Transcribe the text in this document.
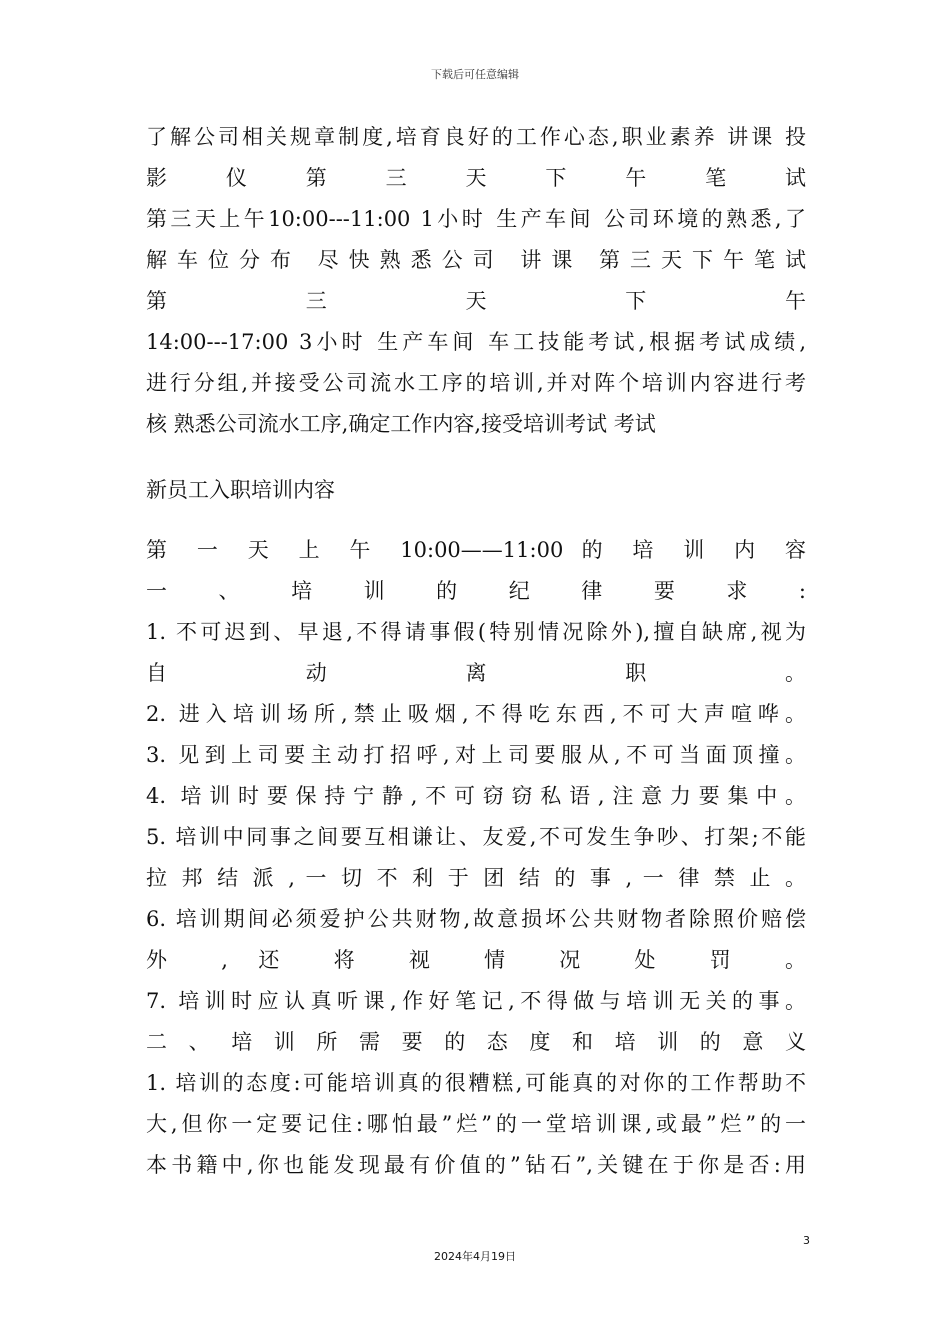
下载后可任意编辑
了解公司相关规章制度,培育良好的工作心态,职业素养 讲课 投
影 仪 第 三 天 下 午 笔 试
第三天上午10:00---11:00 1小时 生产车间 公司环境的熟悉,了
解车位分布 尽快熟悉公司 讲课 第三天下午笔试
第 三 天 下 午
14:00---17:00 3小时 生产车间 车工技能考试,根据考试成绩,
进行分组,并接受公司流水工序的培训,并对阵个培训内容进行考
核 熟悉公司流水工序,确定工作内容,接受培训考试 考试
新员工入职培训内容
第 一 天 上 午 10:00——11:00 的 培 训 内 容
一 、 培 训 的 纪 律 要 求 :
1. 不可迟到、早退,不得请事假(特别情况除外),擅自缺席,视为
自 动 离 职 。
2. 进入培训场所,禁止吸烟,不得吃东西,不可大声喧哗。
3. 见到上司要主动打招呼,对上司要服从,不可当面顶撞。
4. 培训时要保持宁静,不可窃窃私语,注意力要集中。
5. 培训中同事之间要互相谦让、友爱,不可发生争吵、打架;不能
拉 邦 结 派 , 一 切 不 利 于 团 结 的 事 , 一 律 禁 止 。
6. 培训期间必须爱护公共财物,故意损坏公共财物者除照价赔偿
外 , 还 将 视 情 况 处 罚 。
7. 培训时应认真听课,作好笔记,不得做与培训无关的事。
二 、 培 训 所 需 要 的 态 度 和 培 训 的 意 义
1. 培训的态度:可能培训真的很糟糕,可能真的对你的工作帮助不
大,但你一定要记住:哪怕最”烂”的一堂培训课,或最”烂”的一
本书籍中,你也能发现最有价值的”钻石”,关键在于你是否:用
3
2024年4月19日
